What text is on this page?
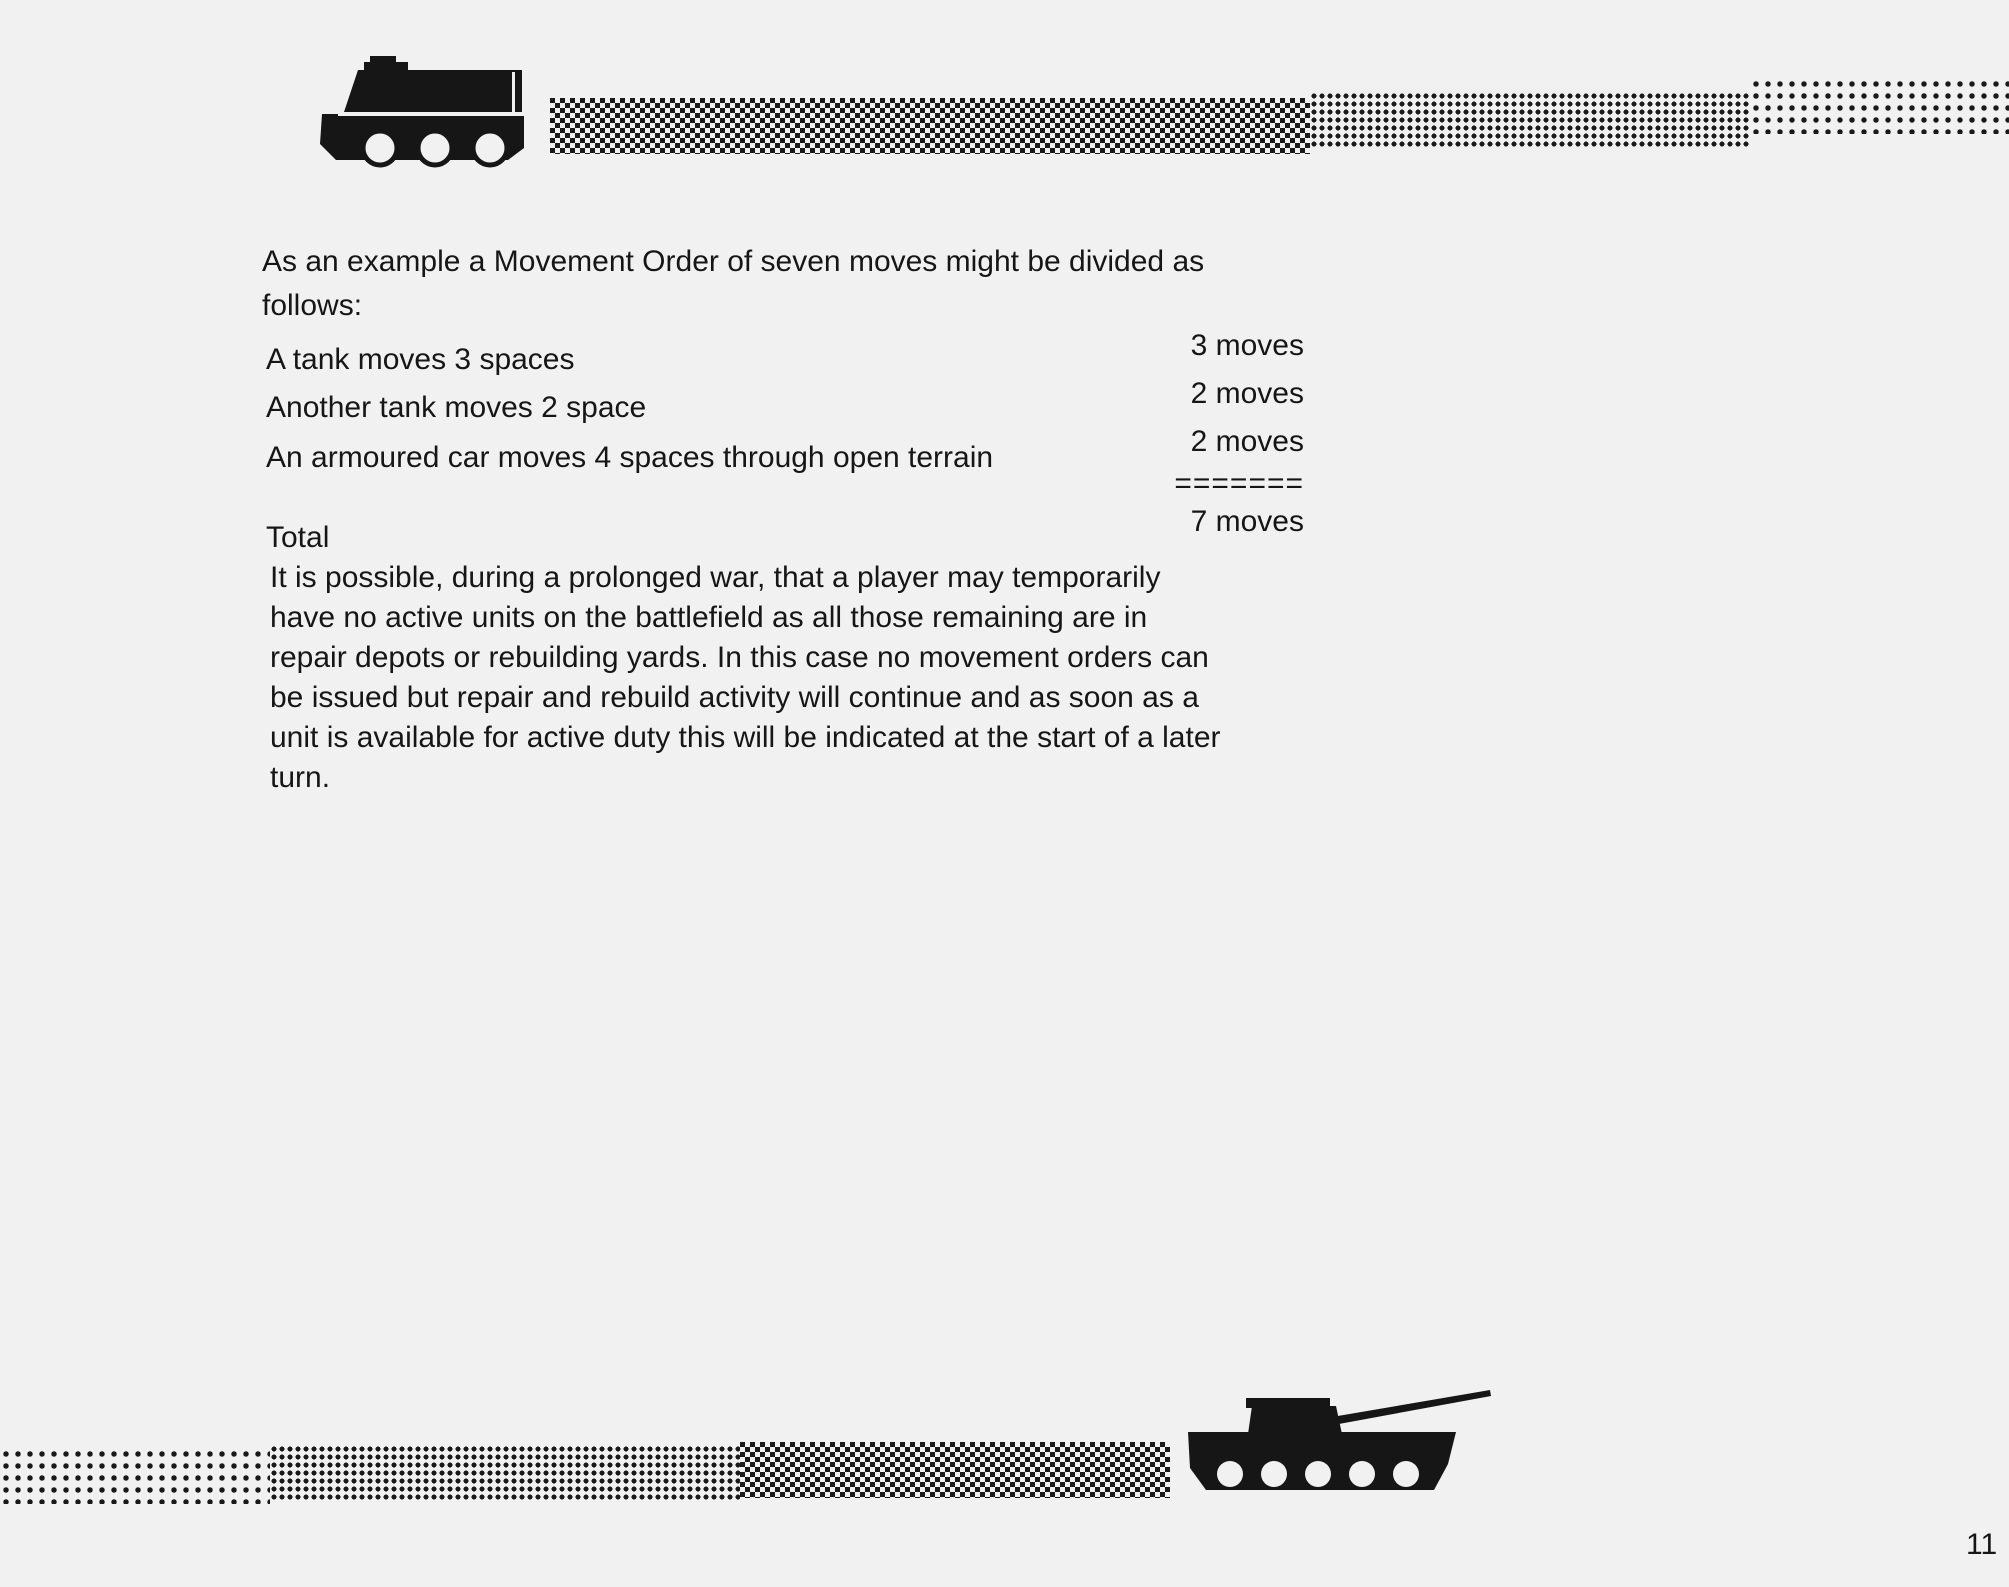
As an example a Movement Order of seven moves might be divided as
follows:
A tank moves 3 spaces	3 moves
Another tank moves 2 space	2 moves
An armoured car moves 4 spaces through open terrain	2 moves
=======
Total	7 moves
It is possible, during a prolonged war, that a player may temporarily
have no active units on the battlefield as all those remaining are in
repair depots or rebuilding yards. In this case no movement orders can
be issued but repair and rebuild activity will continue and as soon as a
unit is available for active duty this will be indicated at the start of a later
turn.
11
